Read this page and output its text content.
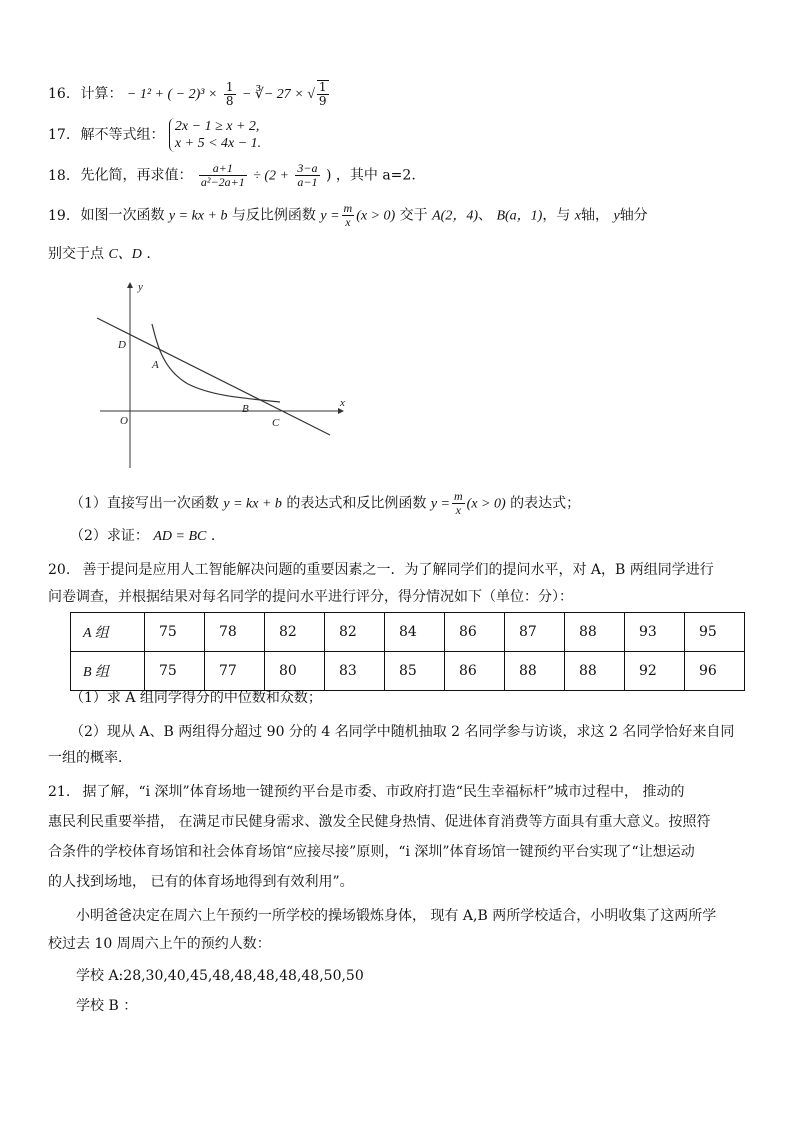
16. 计算： − 1² + ( − $2)^3 \times \frac{1}{8}$ − ∛− 27 × √ $\frac{1}{9}$
17. 解不等式组：
2x − 1 ≥ x + 2,
x + 5 < 4x − 1.
18. 先化简，再求值： $\frac{a+1}{\text{a²−2a+1}} \div (2 + \frac{3-a}{a-1}$ ) ，其中 a=2.
19. 如图一次函数 y = kx + b 与反比例函数 $y = \frac{m}{x} (x > 0)$ 交于 A(2，4)、 B(a，1)，与 x轴， y轴分
别交于点 C、D .
y
x
O
D
A
B
C
（1）直接写出一次函数 y = kx + b 的表达式和反比例函数 $y = \frac{m}{x} (x > 0)$ 的表达式；
（2）求证： AD = BC .
20. 善于提问是应用人工智能解决问题的重要因素之一．为了解同学们的提问水平，对 A，B 两组同学进行
问卷调查，并根据结果对每名同学的提问水平进行评分，得分情况如下（单位：分）：
A 组	75	78	82	82	84	86	87	88	93	95
B 组	75	77	80	83	85	86	88	88	92	96
（1）求 A 组同学得分的中位数和众数；
（2）现从 A、B 两组得分超过 90 分的 4 名同学中随机抽取 2 名同学参与访谈，求这 2 名同学恰好来自同
一组的概率．
21. 据了解，“i 深圳”体育场地一键预约平台是市委、市政府打造“民生幸福标杆”城市过程中， 推动的
惠民利民重要举措， 在满足市民健身需求、激发全民健身热情、促进体育消费等方面具有重大意义。按照符
合条件的学校体育场馆和社会体育场馆“应接尽接”原则，“i 深圳”体育场馆一键预约平台实现了“让想运动
的人找到场地， 已有的体育场地得到有效利用”。
小明爸爸决定在周六上午预约一所学校的操场锻炼身体， 现有 A,B 两所学校适合，小明收集了这两所学
校过去 10 周周六上午的预约人数：
学校 A:28,30,40,45,48,48,48,48,48,50,50
学校 B ：
